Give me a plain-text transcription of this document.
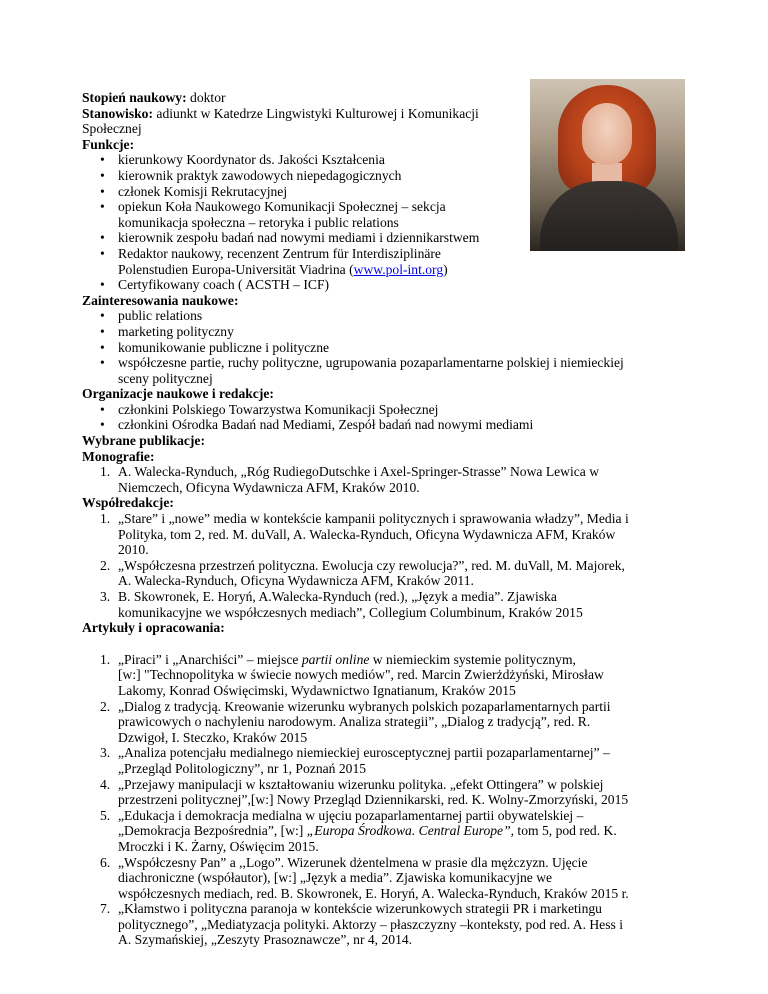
Stopień naukowy: doktor

Stanowisko: adiunkt w Katedrze Lingwistyki Kulturowej i Komunikacji

Społecznej

Funkcje:

• kierunkowy Koordynator ds. Jakości Kształcenia
• kierownik praktyk zawodowych niepedagogicznych
• członek Komisji Rekrutacyjnej
• opiekun Koła Naukowego Komunikacji Społecznej – sekcja
komunikacja społeczna – retoryka i public relations
• kierownik zespołu badań nad nowymi mediami i dziennikarstwem
• Redaktor naukowy, recenzent Zentrum für Interdisziplinäre
Polenstudien Europa-Universität Viadrina (www.pol-int.org)
• Certyfikowany coach ( ACSTH – ICF)

Zainteresowania naukowe:

• public relations
• marketing polityczny
• komunikowanie publiczne i polityczne
• współczesne partie, ruchy polityczne, ugrupowania pozaparlamentarne polskiej i niemieckiej
sceny politycznej

Organizacje naukowe i redakcje:

• członkini Polskiego Towarzystwa Komunikacji Społecznej
• członkini Ośrodka Badań nad Mediami, Zespół badań nad nowymi mediami

Wybrane publikacje:

Monografie:

1. A. Walecka-Rynduch, „Róg RudiegoDutschke i Axel-Springer-Strasse” Nowa Lewica w
Niemczech, Oficyna Wydawnicza AFM, Kraków 2010.

Współredakcje:

1. „Stare” i „nowe” media w kontekście kampanii politycznych i sprawowania władzy”, Media i
Polityka, tom 2, red. M. duVall, A. Walecka-Rynduch, Oficyna Wydawnicza AFM, Kraków
2010.
2. „Współczesna przestrzeń polityczna. Ewolucja czy rewolucja?”, red. M. duVall, M. Majorek,
A. Walecka-Rynduch, Oficyna Wydawnicza AFM, Kraków 2011.
3. B. Skowronek, E. Horyń, A.Walecka-Rynduch (red.), „Język a media”. Zjawiska
komunikacyjne we współczesnych mediach”, Collegium Columbinum, Kraków 2015

Artykuły i opracowania:

1. „Piraci” i „Anarchiści” – miejsce partii online w niemieckim systemie politycznym,
[w:] "Technopolityka w świecie nowych mediów", red. Marcin Zwierżdżyński, Mirosław
Lakomy, Konrad Oświęcimski, Wydawnictwo Ignatianum, Kraków 2015
2. „Dialog z tradycją. Kreowanie wizerunku wybranych polskich pozaparlamentarnych partii
prawicowych o nachyleniu narodowym. Analiza strategii”, „Dialog z tradycją”, red. R.
Dzwigoł, I. Steczko, Kraków 2015
3. „Analiza potencjału medialnego niemieckiej eurosceptycznej partii pozaparlamentarnej” –
„Przegląd Politologiczny”, nr 1, Poznań 2015
4. „Przejawy manipulacji w kształtowaniu wizerunku polityka. „efekt Ottingera” w polskiej
przestrzeni politycznej”,[w:] Nowy Przegląd Dziennikarski, red. K. Wolny-Zmorzyński, 2015
5. „Edukacja i demokracja medialna w ujęciu pozaparlamentarnej partii obywatelskiej –
„Demokracja Bezpośrednia”, [w:] „Europa Środkowa. Central Europe”, tom 5, pod red. K.
Mroczki i K. Żarny, Oświęcim 2015.
6. „Współczesny Pan” a ,,Logo”. Wizerunek dżentelmena w prasie dla mężczyzn. Ujęcie
diachroniczne (współautor), [w:] „Język a media”. Zjawiska komunikacyjne we
współczesnych mediach, red. B. Skowronek, E. Horyń, A. Walecka-Rynduch, Kraków 2015 r.
7. „Kłamstwo i polityczna paranoja w kontekście wizerunkowych strategii PR i marketingu
politycznego”, „Mediatyzacja polityki. Aktorzy – płaszczyzny –konteksty, pod red. A. Hess i
A. Szymańskiej, „Zeszyty Prasoznawcze”, nr 4, 2014.
